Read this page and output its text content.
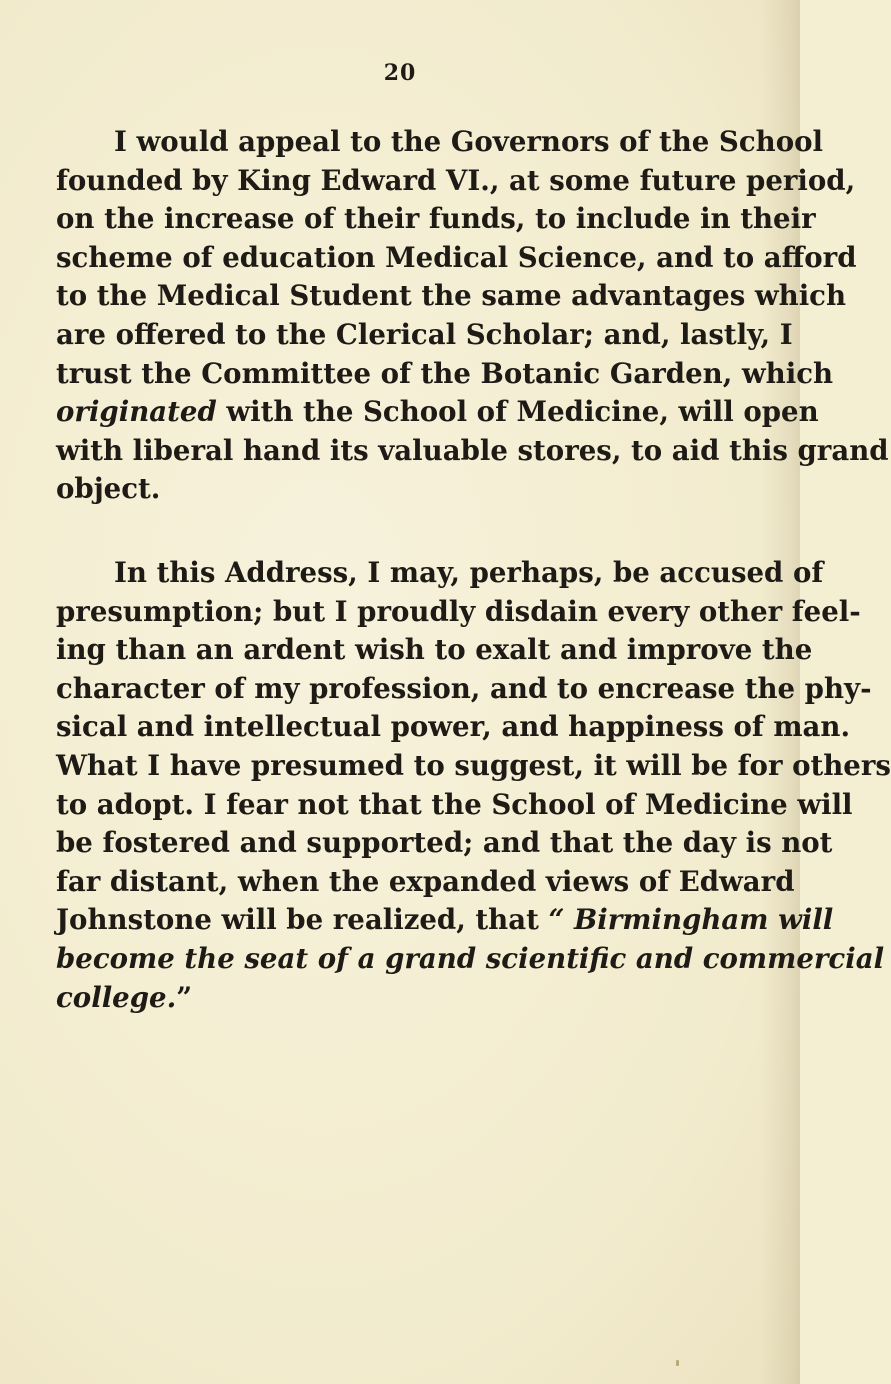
20
I would appeal to the Governors of the School
founded by King Edward VI., at some future period,
on the increase of their funds, to include in their
scheme of education Medical Science, and to afford
to the Medical Student the same advantages which
are offered to the Clerical Scholar; and, lastly, I
trust the Committee of the Botanic Garden, which
originated with the School of Medicine, will open
with liberal hand its valuable stores, to aid this grand
object.
In this Address, I may, perhaps, be accused of
presumption; but I proudly disdain every other feel-
ing than an ardent wish to exalt and improve the
character of my profession, and to encrease the phy-
sical and intellectual power, and happiness of man.
What I have presumed to suggest, it will be for others
to adopt. I fear not that the School of Medicine will
be fostered and supported; and that the day is not
far distant, when the expanded views of Edward
Johnstone will be realized, that “ Birmingham will
become the seat of a grand scientific and commercial
college.”
